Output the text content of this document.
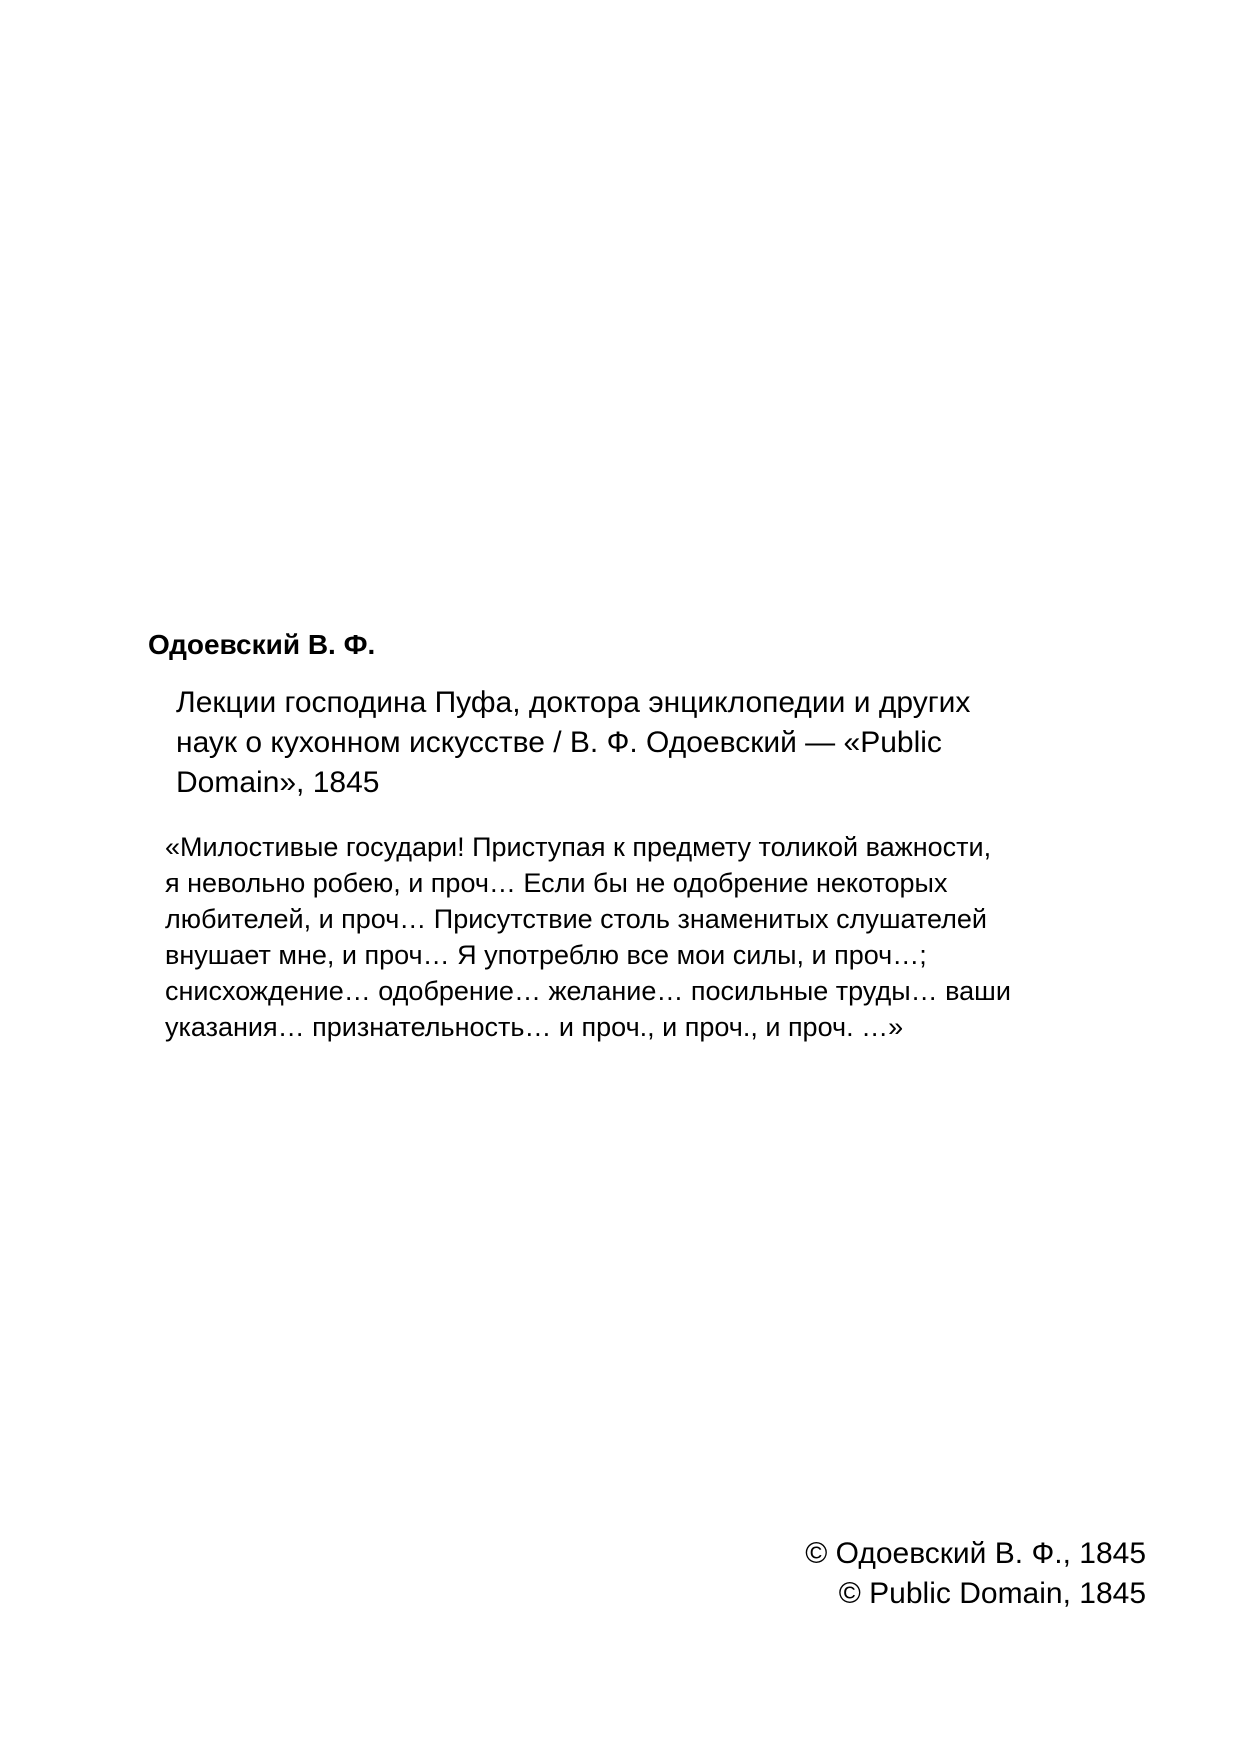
Одоевский В. Ф.
Лекции господина Пуфа, доктора энциклопедии и других
наук о кухонном искусстве / В. Ф. Одоевский — «Public
Domain», 1845
«Милостивые государи! Приступая к предмету толикой важности,
я невольно робею, и проч… Если бы не одобрение некоторых
любителей, и проч… Присутствие столь знаменитых слушателей
внушает мне, и проч… Я употреблю все мои силы, и проч…;
снисхождение… одобрение… желание… посильные труды… ваши
указания… признательность… и проч., и проч., и проч. …»
© Одоевский В. Ф., 1845
© Public Domain, 1845
